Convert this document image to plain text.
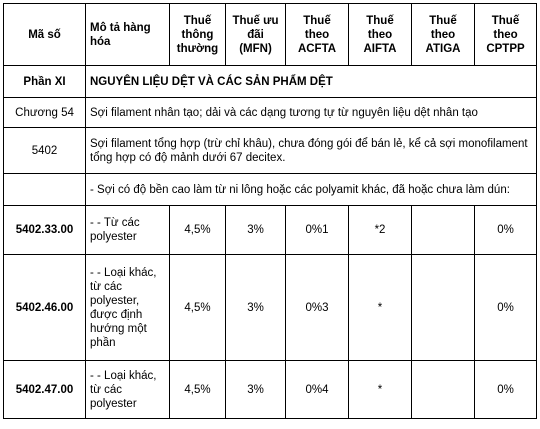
Mã số	Mô tả hàng hóa	Thuế thông thường	Thuế ưu đãi (MFN)	Thuế theo ACFTA	Thuế theo AIFTA	Thuế theo ATIGA	Thuế theo CPTPP
Phần XI	NGUYÊN LIỆU DỆT VÀ CÁC SẢN PHẨM DỆT						
Chương 54	Sợi filament nhân tạo; dải và các dạng tương tự từ nguyên liệu dệt nhân tạo						
5402	Sợi filament tổng hợp (trừ chỉ khâu), chưa đóng gói để bán lẻ, kể cả sợi monofilament tổng hợp có độ mảnh dưới 67 decitex.						
	- Sợi có độ bền cao làm từ ni lông hoặc các polyamit khác, đã hoặc chưa làm dún:						
5402.33.00	- - Từ các polyester	4,5%	3%	0%1	*2		0%
5402.46.00	- - Loại khác, từ các polyester, được định hướng một phần	4,5%	3%	0%3	*		0%
5402.47.00	- - Loại khác, từ các polyester	4,5%	3%	0%4	*		0%
